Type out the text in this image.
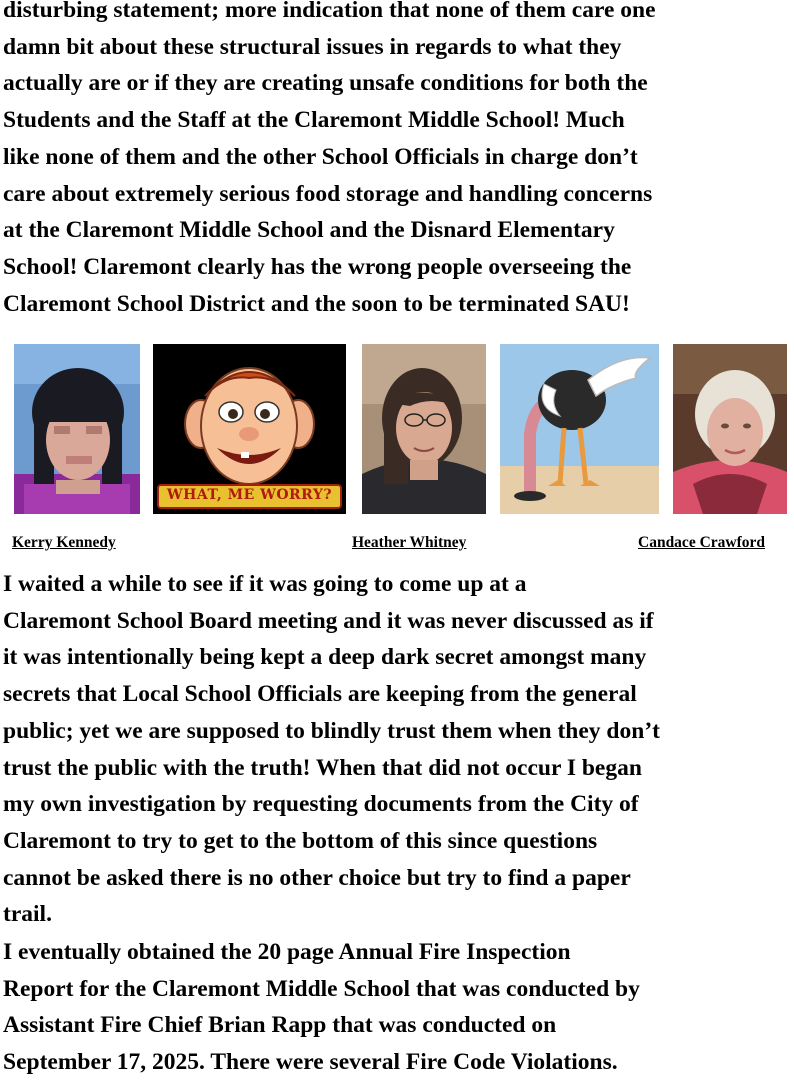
disturbing statement; more indication that none of them care one
damn bit about these structural issues in regards to what they
actually are or if they are creating unsafe conditions for both the
Students and the Staff at the Claremont Middle School! Much
like none of them and the other School Officials in charge don’t
care about extremely serious food storage and handling concerns
at the Claremont Middle School and the Disnard Elementary
School! Claremont clearly has the wrong people overseeing the
Claremont School District and the soon to be terminated SAU!

WHAT, ME WORRY?
Kerry Kennedy	Heather Whitney	Candace Crawford

I waited a while to see if it was going to come up at a
Claremont School Board meeting and it was never discussed as if
it was intentionally being kept a deep dark secret amongst many
secrets that Local School Officials are keeping from the general
public; yet we are supposed to blindly trust them when they don’t
trust the public with the truth! When that did not occur I began
my own investigation by requesting documents from the City of
Claremont to try to get to the bottom of this since questions
cannot be asked there is no other choice but try to find a paper
trail.

I eventually obtained the 20 page Annual Fire Inspection
Report for the Claremont Middle School that was conducted by
Assistant Fire Chief Brian Rapp that was conducted on
September 17, 2025. There were several Fire Code Violations.
